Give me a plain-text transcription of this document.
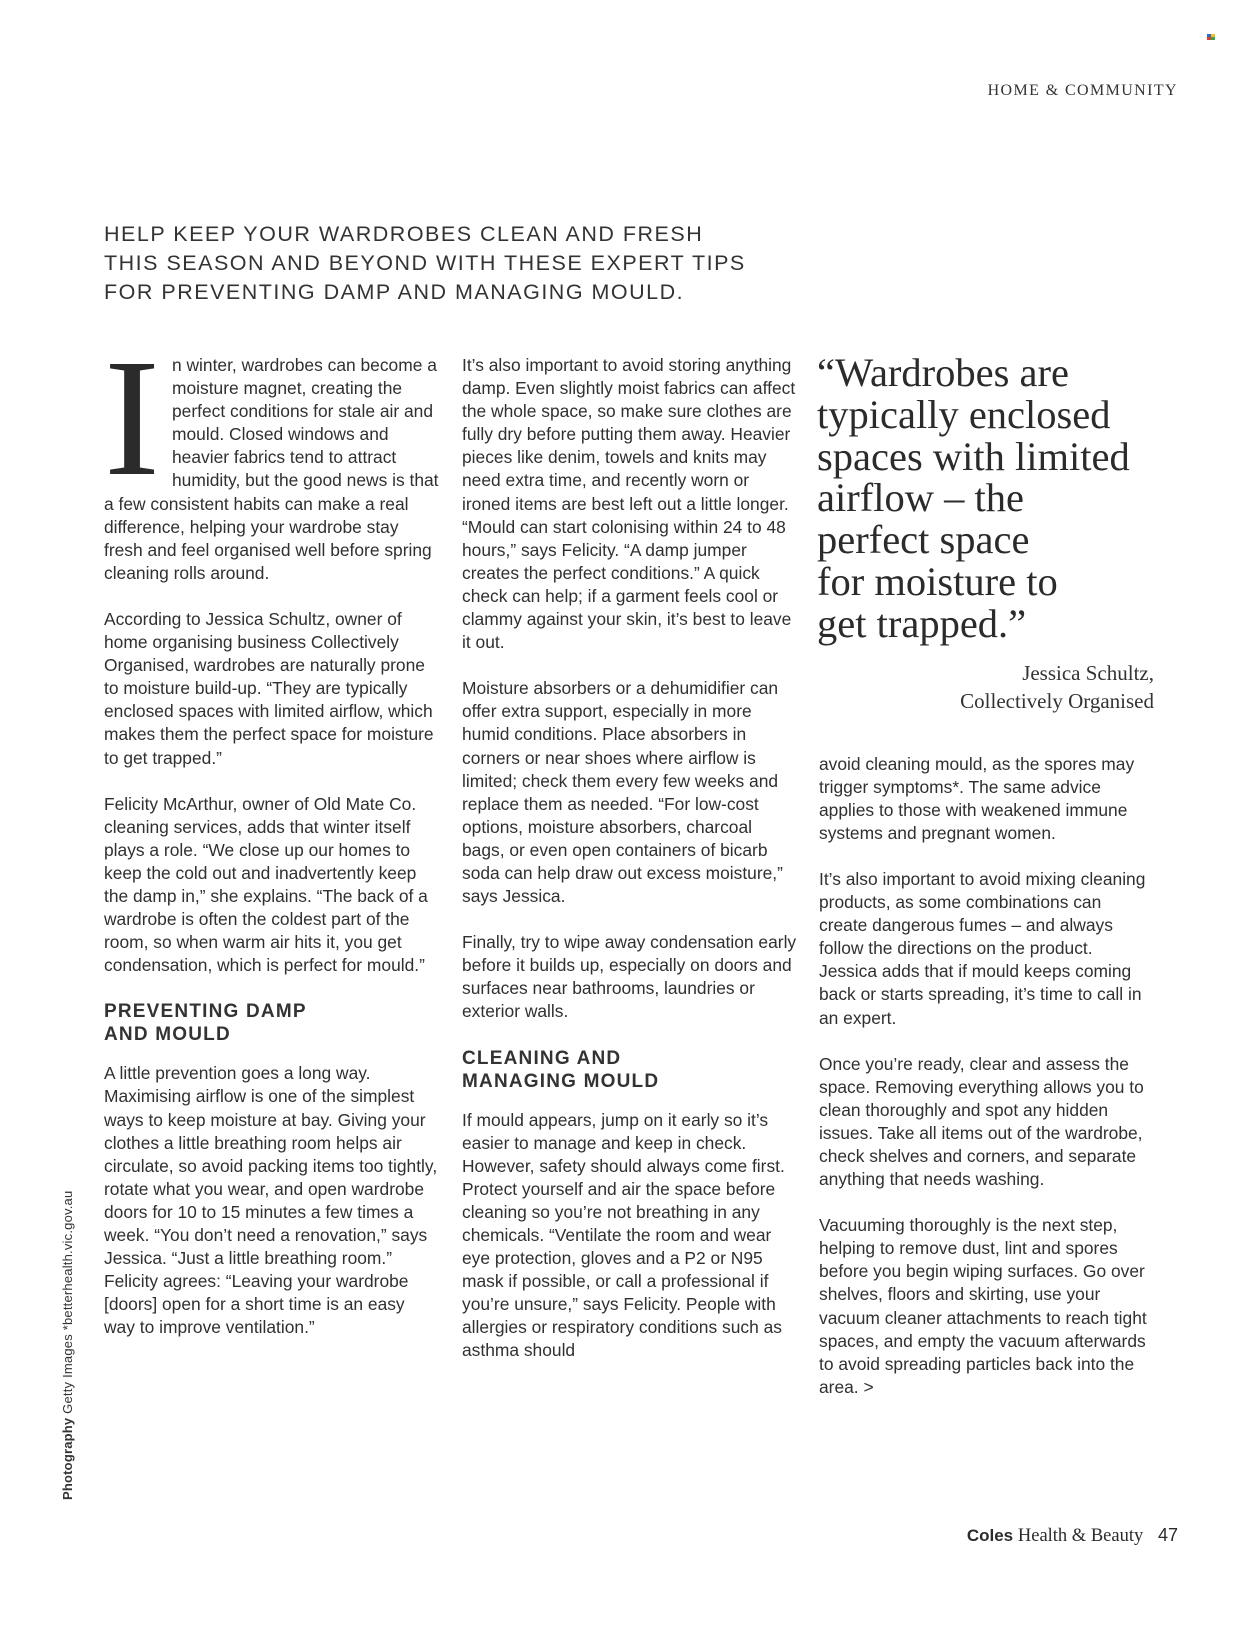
HOME & COMMUNITY
HELP KEEP YOUR WARDROBES CLEAN AND FRESH
THIS SEASON AND BEYOND WITH THESE EXPERT TIPS
FOR PREVENTING DAMP AND MANAGING MOULD.

I n winter, wardrobes can become a moisture magnet, creating the perfect conditions for stale air and mould. Closed windows and heavier fabrics tend to attract humidity, but the good news is that a few consistent habits can make a real difference, helping your wardrobe stay fresh and feel organised well before spring cleaning rolls around.

According to Jessica Schultz, owner of home organising business Collectively Organised, wardrobes are naturally prone to moisture build-up. “They are typically enclosed spaces with limited airflow, which makes them the perfect space for moisture to get trapped.”

Felicity McArthur, owner of Old Mate Co. cleaning services, adds that winter itself plays a role. “We close up our homes to keep the cold out and inadvertently keep the damp in,” she explains. “The back of a wardrobe is often the coldest part of the room, so when warm air hits it, you get condensation, which is perfect for mould.”

PREVENTING DAMP
AND MOULD

A little prevention goes a long way. Maximising airflow is one of the simplest ways to keep moisture at bay. Giving your clothes a little breathing room helps air circulate, so avoid packing items too tightly, rotate what you wear, and open wardrobe doors for 10 to 15 minutes a few times a week. “You don’t need a renovation,” says Jessica. “Just a little breathing room.” Felicity agrees: “Leaving your wardrobe [doors] open for a short time is an easy way to improve ventilation.”

It’s also important to avoid storing anything damp. Even slightly moist fabrics can affect the whole space, so make sure clothes are fully dry before putting them away. Heavier pieces like denim, towels and knits may need extra time, and recently worn or ironed items are best left out a little longer. “Mould can start colonising within 24 to 48 hours,” says Felicity. “A damp jumper creates the perfect conditions.” A quick check can help; if a garment feels cool or clammy against your skin, it’s best to leave it out.

Moisture absorbers or a dehumidifier can offer extra support, especially in more humid conditions. Place absorbers in corners or near shoes where airflow is limited; check them every few weeks and replace them as needed. “For low-cost options, moisture absorbers, charcoal bags, or even open containers of bicarb soda can help draw out excess moisture,” says Jessica.

Finally, try to wipe away condensation early before it builds up, especially on doors and surfaces near bathrooms, laundries or exterior walls.

CLEANING AND
MANAGING MOULD

If mould appears, jump on it early so it’s easier to manage and keep in check. However, safety should always come first. Protect yourself and air the space before cleaning so you’re not breathing in any chemicals. “Ventilate the room and wear eye protection, gloves and a P2 or N95 mask if possible, or call a professional if you’re unsure,” says Felicity. People with allergies or respiratory conditions such as asthma should

“Wardrobes are
typically enclosed
spaces with limited
airflow – the
perfect space
for moisture to
get trapped.”
Jessica Schultz,
Collectively Organised

avoid cleaning mould, as the spores may trigger symptoms*. The same advice applies to those with weakened immune systems and pregnant women.

It’s also important to avoid mixing cleaning products, as some combinations can create dangerous fumes – and always follow the directions on the product. Jessica adds that if mould keeps coming back or starts spreading, it’s time to call in an expert.

Once you’re ready, clear and assess the space. Removing everything allows you to clean thoroughly and spot any hidden issues. Take all items out of the wardrobe, check shelves and corners, and separate anything that needs washing.

Vacuuming thoroughly is the next step, helping to remove dust, lint and spores before you begin wiping surfaces. Go over shelves, floors and skirting, use your vacuum cleaner attachments to reach tight spaces, and empty the vacuum afterwards to avoid spreading particles back into the area. >

Photography Getty Images *betterhealth.vic.gov.au
Coles Health & Beauty 47
